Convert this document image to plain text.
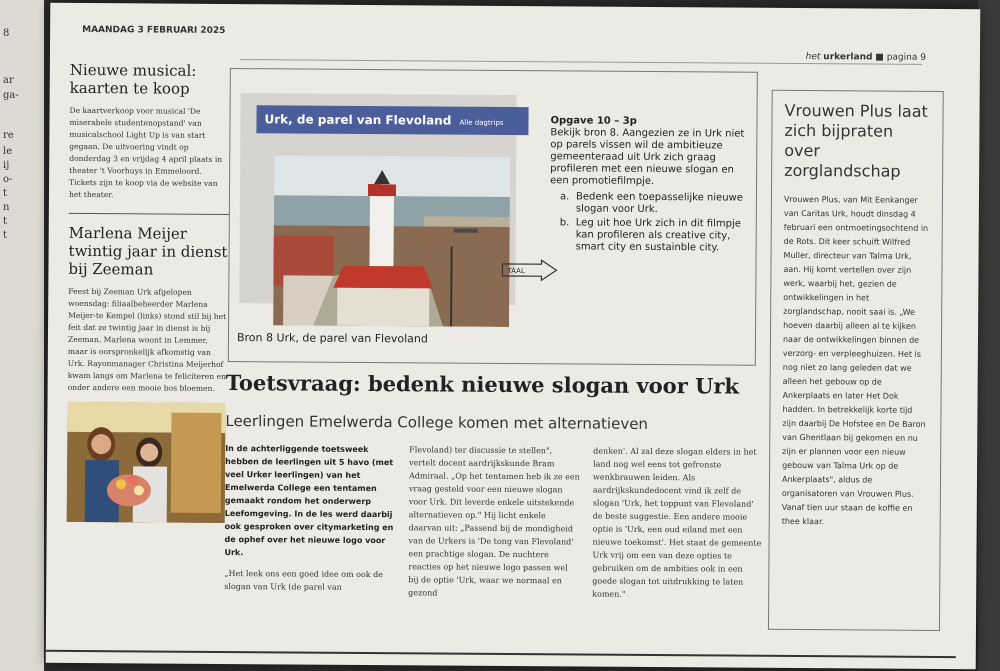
8
ar
ga-
re
le
ij
o-
t
n
t
t
MAANDAG 3 FEBRUARI 2025
het urkerland ■ pagina 9
Nieuwe musical: kaarten te koop
De kaartverkoop voor musical 'De miserabele studentenopstand' van musicalschool Light Up is van start gegaan. De uitvoering vindt op donderdag 3 en vrijdag 4 april plaats in theater 't Voorhuys in Emmeloord. Tickets zijn te koop via de website van het theater.
Marlena Meijer twintig jaar in dienst bij Zeeman
Feest bij Zeeman Urk afgelopen woensdag: filiaalbeheerder Marlena Meijer-te Kempel (links) stond stil bij het feit dat ze twintig jaar in dienst is bij Zeeman. Marlena woont in Lemmer, maar is oorspronkelijk afkomstig van Urk. Rayonmanager Christina Meijerhof kwam langs om Marlena te feliciteren en onder andere een mooie bos bloemen.
Urk, de parel van Flevoland Alle dagtrips
Bron 8 Urk, de parel van Flevoland
TAAL
Opgave 10 – 3p
Bekijk bron 8. Aangezien ze in Urk niet op parels vissen wil de ambitieuze gemeenteraad uit Urk zich graag profileren met een nieuwe slogan en een promotiefilmpje.
a. Bedenk een toepasselijke nieuwe slogan voor Urk.
b. Leg uit hoe Urk zich in dit filmpje kan profileren als creative city, smart city en sustainble city.
Toetsvraag: bedenk nieuwe slogan voor Urk
Leerlingen Emelwerda College komen met alternatieven
In de achterliggende toetsweek hebben de leerlingen uit 5 havo (met veel Urker leerlingen) van het Emelwerda College een tentamen gemaakt rondom het onderwerp Leefomgeving. In de les werd daarbij ook gesproken over citymarketing en de ophef over het nieuwe logo voor Urk.
„Het leek ons een goed idee om ook de slogan van Urk (de parel van
Flevoland) ter discussie te stellen", vertelt docent aardrijkskunde Bram Admiraal. „Op het tentamen heb ik ze een vraag gesteld voor een nieuwe slogan voor Urk. Dit leverde enkele uitstekende alternatieven op." Hij licht enkele daarvan uit: „Passend bij de mondigheid van de Urkers is 'De tong van Flevoland' een prachtige slogan. De nuchtere reacties op het nieuwe logo passen wel bij de optie 'Urk, waar we normaal en gezond
denken'. Al zal deze slogan elders in het land nog wel eens tot gefronste wenkbrauwen leiden. Als aardrijkskundedocent vind ik zelf de slogan 'Urk, het toppunt van Flevoland' de beste suggestie. Een andere mooie optie is 'Urk, een oud eiland met een nieuwe toekomst'. Het staat de gemeente Urk vrij om een van deze opties te gebruiken om de ambities ook in een goede slogan tot uitdrukking te laten komen."
Vrouwen Plus laat zich bijpraten over zorglandschap
Vrouwen Plus, van Mit Eenkanger van Caritas Urk, houdt dinsdag 4 februari een ontmoetingsochtend in de Rots. Dit keer schuift Wilfred Muller, directeur van Talma Urk, aan. Hij komt vertellen over zijn werk, waarbij het, gezien de ontwikkelingen in het zorglandschap, nooit saai is. „We hoeven daarbij alleen al te kijken naar de ontwikkelingen binnen de verzorg- en verpleeghuizen. Het is nog niet zo lang geleden dat we alleen het gebouw op de Ankerplaats en later Het Dok hadden. In betrekkelijk korte tijd zijn daarbij De Hofstee en De Baron van Ghentlaan bij gekomen en nu zijn er plannen voor een nieuw gebouw van Talma Urk op de Ankerplaats", aldus de organisatoren van Vrouwen Plus. Vanaf tien uur staan de koffie en thee klaar.
